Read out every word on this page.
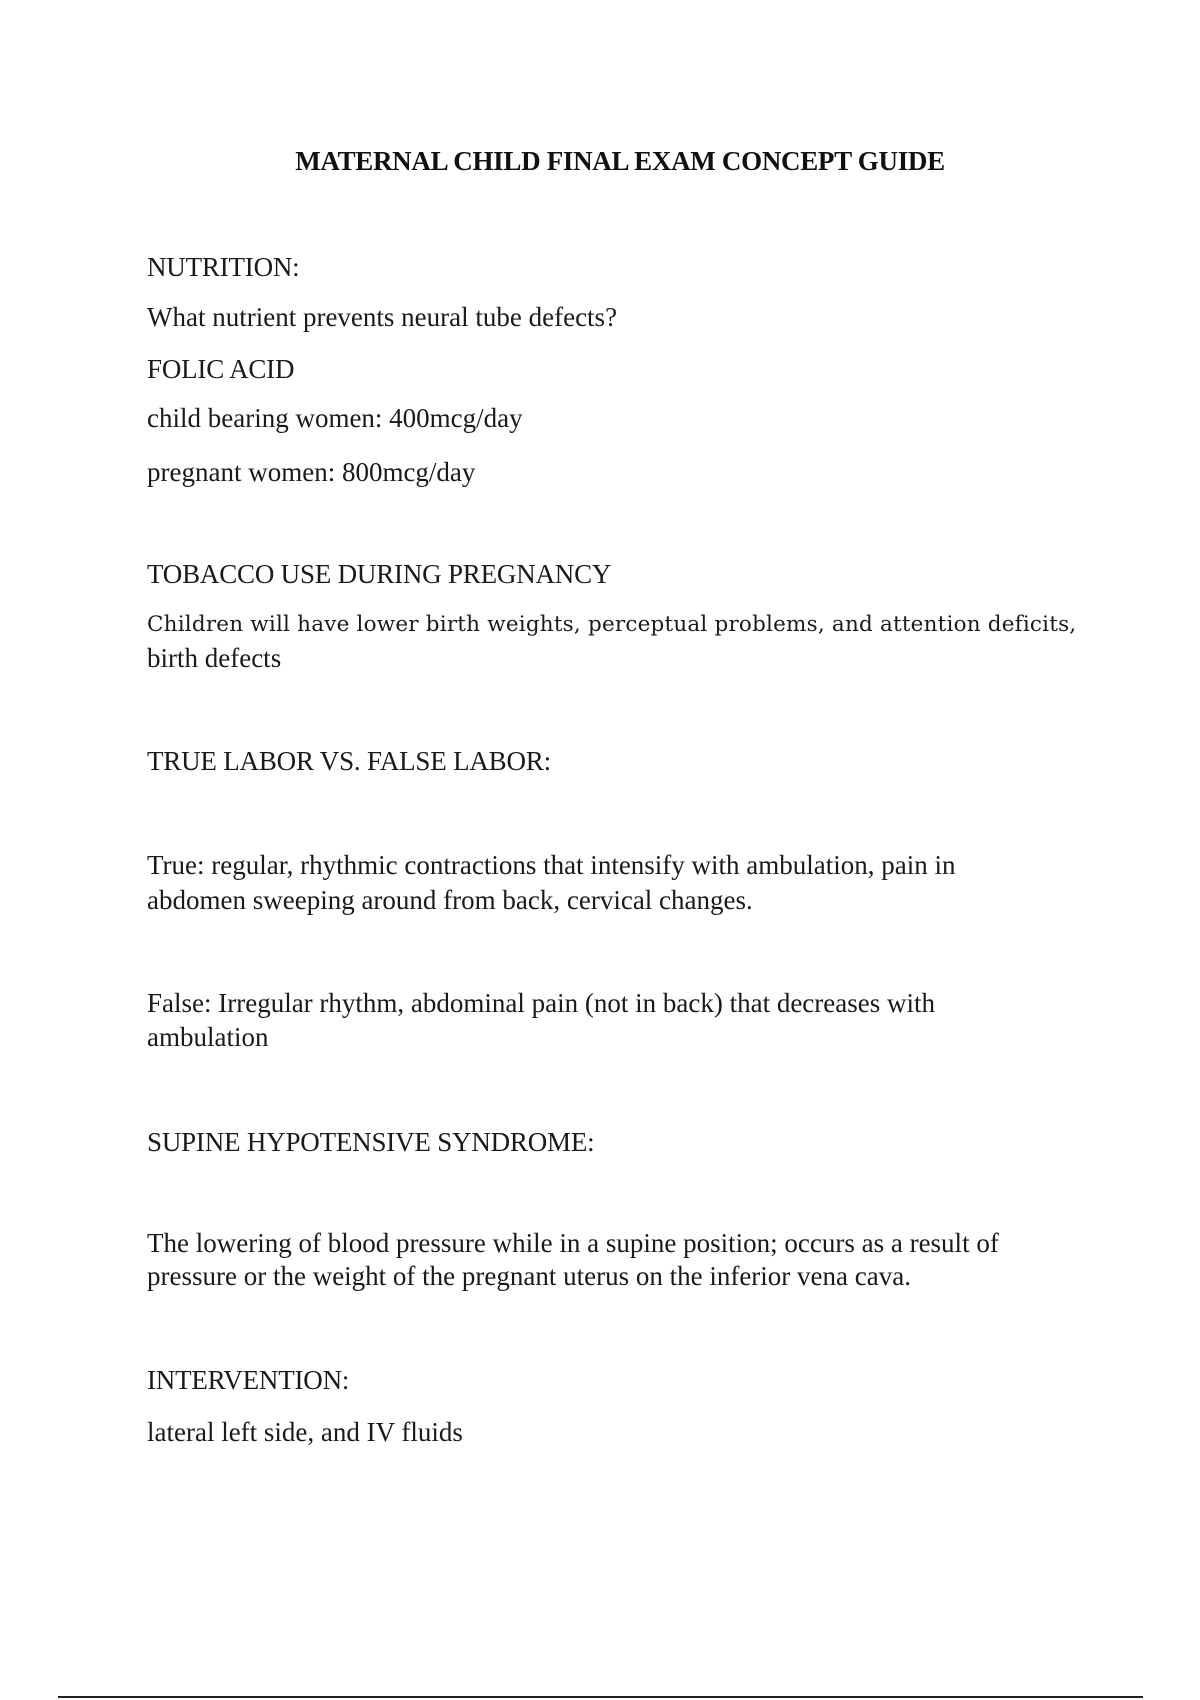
MATERNAL CHILD FINAL EXAM CONCEPT GUIDE
NUTRITION:
What nutrient prevents neural tube defects?
FOLIC ACID
child bearing women: 400mcg/day
pregnant women: 800mcg/day
TOBACCO USE DURING PREGNANCY
Children will have lower birth weights, perceptual problems, and attention deficits,
birth defects
TRUE LABOR VS. FALSE LABOR:
True: regular, rhythmic contractions that intensify with ambulation, pain in
abdomen sweeping around from back, cervical changes.
False: Irregular rhythm, abdominal pain (not in back) that decreases with
ambulation
SUPINE HYPOTENSIVE SYNDROME:
The lowering of blood pressure while in a supine position; occurs as a result of
pressure or the weight of the pregnant uterus on the inferior vena cava.
INTERVENTION:
lateral left side, and IV fluids
